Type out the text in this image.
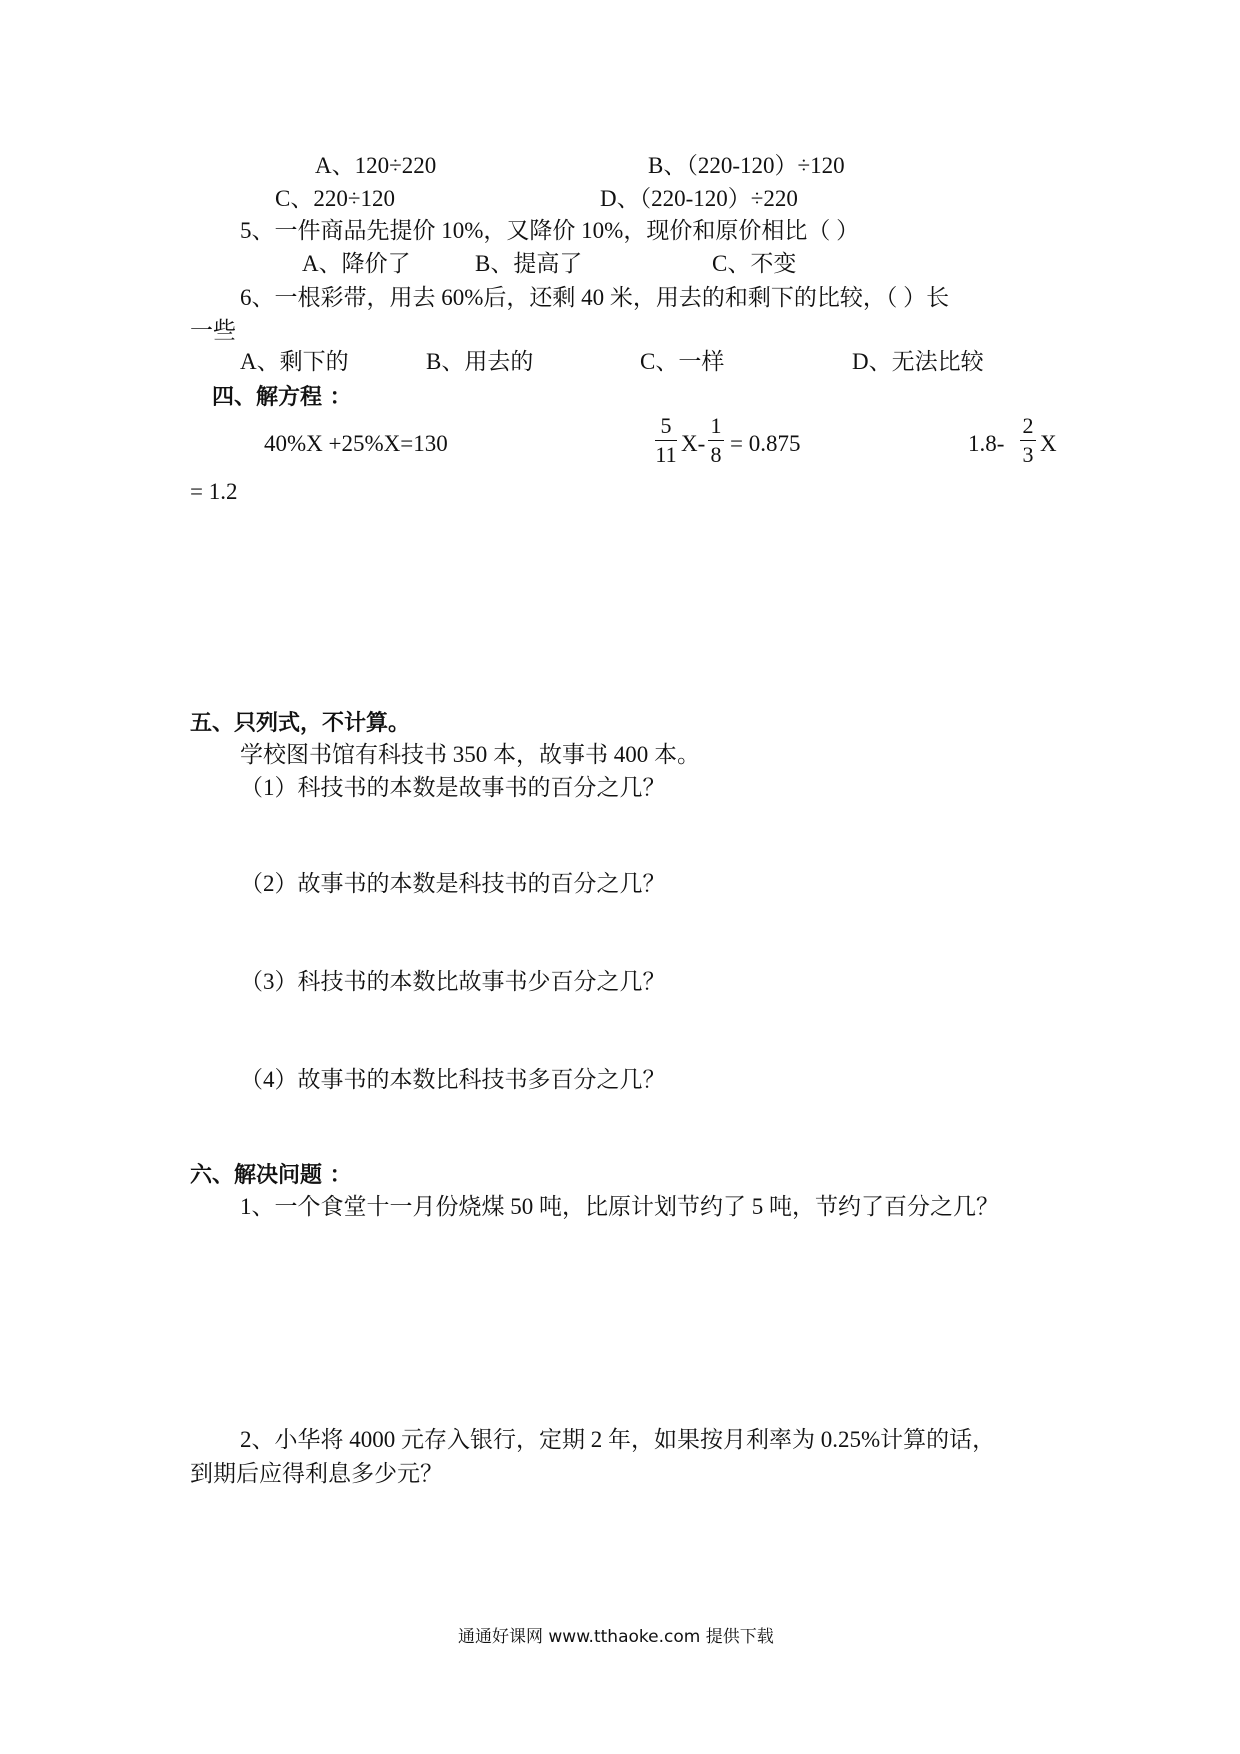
A、120÷220	B、（220-120）÷120
C、220÷120	D、（220-120）÷220
5、一件商品先提价 10%，又降价 10%，现价和原价相比（ ）
A、降价了	B、提高了	C、不变
6、一根彩带，用去 60%后，还剩 40 米，用去的和剩下的比较，（ ）长
一些
A、剩下的	B、用去的	C、一样	D、无法比较
四、解方程 ：
40%X +25%X=130
5
11 X-
1
8 = 0.875	1.8-
2
3 X
= 1.2
五、只列式，不计算。
学校图书馆有科技书 350 本，故事书 400 本。
（1）科技书的本数是故事书的百分之几？
（2）故事书的本数是科技书的百分之几？
（3）科技书的本数比故事书少百分之几？
（4）故事书的本数比科技书多百分之几？
六、解决问题 ：
1、一个食堂十一月份烧煤 50 吨，比原计划节约了 5 吨，节约了百分之几？
2、小华将 4000 元存入银行，定期 2 年，如果按月利率为 0.25%计算的话，
到期后应得利息多少元？
通通好课网 www.tthaoke.com 提供下载
